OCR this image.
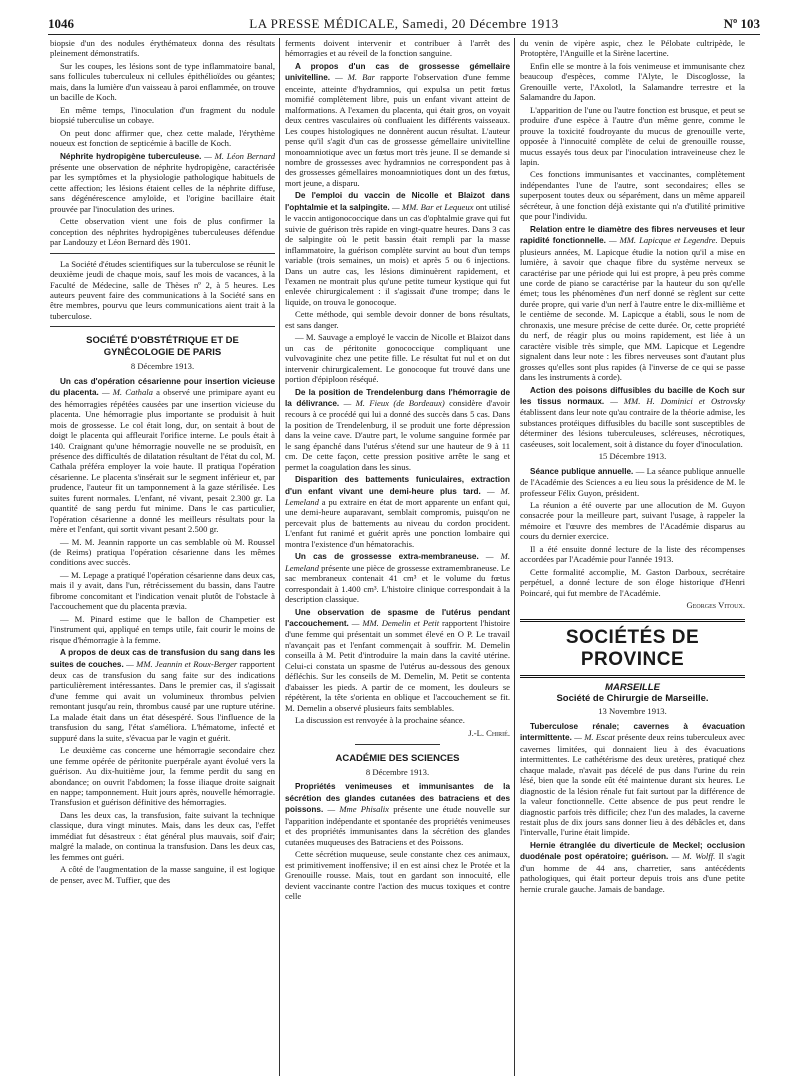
1046	LA PRESSE MÉDICALE, Samedi, 20 Décembre 1913	Nº 103

biopsie d'un des nodules érythémateux donna des résultats pleinement démonstratifs.

Sur les coupes, les lésions sont de type inflammatoire banal, sans follicules tuberculeux ni cellules épithélioïdes ou géantes; mais, dans la lumière d'un vaisseau à paroi enflammée, on trouve un bacille de Koch.

En même temps, l'inoculation d'un fragment du nodule biopsié tuberculise un cobaye.

On peut donc affirmer que, chez cette malade, l'érythème noueux est fonction de septicémie à bacille de Koch.

Néphrite hydropigène tuberculeuse. — M. Léon Bernard présente une observation de néphrite hydropigène, caractérisée par les symptômes et la physiologie pathologique habituels de cette affection; les lésions étaient celles de la néphrite diffuse, sans dégénérescence amyloïde, et l'origine bacillaire était prouvée par l'inoculation des urines.

Cette observation vient une fois de plus confirmer la conception des néphrites hydropigènes tuberculeuses défendue par Landouzy et Léon Bernard dès 1901.

La Société d'études scientifiques sur la tuberculose se réunit le deuxième jeudi de chaque mois, sauf les mois de vacances, à la Faculté de Médecine, salle de Thèses nº 2, à 5 heures. Les auteurs peuvent faire des communications à la Société sans en être membres, pourvu que leurs communications aient trait à la tuberculose.

SOCIÉTÉ D'OBSTÉTRIQUE ET DE GYNÉCOLOGIE DE PARIS
8 Décembre 1913.

Un cas d'opération césarienne pour insertion vicieuse du placenta. — M. Cathala a observé une primipare ayant eu des hémorragies répétées causées par une insertion vicieuse du placenta. Une hémorragie plus importante se produisit à huit mois de grossesse. Le col était long, dur, on sentait à bout de doigt le placenta qui affleurait l'orifice interne. Le pouls était à 140. Craignant qu'une hémorragie nouvelle ne se produisît, en présence des difficultés de dilatation résultant de l'état du col, M. Cathala préféra employer la voie haute. Il pratiqua l'opération césarienne. Le placenta s'insérait sur le segment inférieur et, par prudence, l'auteur fit un tamponnement à la gaze stérilisée. Les suites furent normales. L'enfant, né vivant, pesait 2.300 gr. La quantité de sang perdu fut minime. Dans le cas particulier, l'opération césarienne a donné les meilleurs résultats pour la mère et l'enfant, qui sortit vivant pesant 2.500 gr.

— M. M. Jeannin rapporte un cas semblable où M. Roussel (de Reims) pratiqua l'opération césarienne dans les mêmes conditions avec succès.

— M. Lepage a pratiqué l'opération césarienne dans deux cas, mais il y avait, dans l'un, rétrécissement du bassin, dans l'autre fibrome concomitant et l'indication venait plutôt de l'obstacle à l'accouchement que du placenta prævia.

— M. Pinard estime que le ballon de Champetier est l'instrument qui, appliqué en temps utile, fait courir le moins de risque d'hémorragie à la femme.

A propos de deux cas de transfusion du sang dans les suites de couches. — MM. Jeannin et Roux-Berger rapportent deux cas de transfusion du sang faite sur des indications particulièrement intéressantes. Dans le premier cas, il s'agissait d'une femme qui avait un volumineux thrombus pelvien remontant jusqu'au rein, thrombus causé par une rupture utérine. La malade était dans un état désespéré. Sous l'influence de la transfusion du sang, l'état s'améliora. L'hématome, infecté et suppuré dans la suite, s'évacua par le vagin et guérit.

Le deuxième cas concerne une hémorragie secondaire chez une femme opérée de péritonite puerpérale ayant évolué vers la guérison. Au dix-huitième jour, la femme perdit du sang en abondance; on ouvrit l'abdomen; la fosse iliaque droite saignait en nappe; tamponnement. Huit jours après, nouvelle hémorragie. Transfusion et guérison définitive des hémorragies.

Dans les deux cas, la transfusion, faite suivant la technique classique, dura vingt minutes. Mais, dans les deux cas, l'effet immédiat fut désastreux : état général plus mauvais, soif d'air; malgré la malade, on continua la transfusion. Dans les deux cas, les femmes ont guéri.

A côté de l'augmentation de la masse sanguine, il est logique de penser, avec M. Tuffier, que des

ferments doivent intervenir et contribuer à l'arrêt des hémorragies et au réveil de la fonction sanguine.

A propos d'un cas de grossesse gémellaire univitelline. — M. Bar rapporte l'observation d'une femme enceinte, atteinte d'hydramnios, qui expulsa un petit fœtus momifié complètement libre, puis un enfant vivant atteint de malformations. A l'examen du placenta, qui était gros, on voyait deux centres vasculaires où confluaient les différents vaisseaux. Les coupes histologiques ne donnèrent aucun résultat. L'auteur pense qu'il s'agit d'un cas de grossesse gémellaire univitelline monoamniotique avec un fœtus mort très jeune. Il se demande si nombre de grossesses avec hydramnios ne correspondent pas à des grossesses gémellaires monoamniotiques dont un des fœtus, mort jeune, a disparu.

De l'emploi du vaccin de Nicolle et Blaizot dans l'ophtalmie et la salpingite. — MM. Bar et Lequeux ont utilisé le vaccin antigonococcique dans un cas d'ophtalmie grave qui fut suivie de guérison très rapide en vingt-quatre heures. Dans 3 cas de salpingite où le petit bassin était rempli par la masse inflammatoire, la guérison complète survint au bout d'un temps variable (trois semaines, un mois) et après 5 ou 6 injections. Dans un autre cas, les lésions diminuèrent rapidement, et l'examen ne montrait plus qu'une petite tumeur kystique qui fut enlevée chirurgicalement : il s'agissait d'une trompe; dans le liquide, on trouva le gonocoque.

Cette méthode, qui semble devoir donner de bons résultats, est sans danger.

— M. Sauvage a employé le vaccin de Nicolle et Blaizot dans un cas de péritonite gonococcique compliquant une vulvovaginite chez une petite fille. Le résultat fut nul et on dut intervenir chirurgicalement. Le gonocoque fut trouvé dans une portion d'épiploon réséqué.

De la position de Trendelenburg dans l'hémorragie de la délivrance. — M. Fieux (de Bordeaux) considère d'avoir recours à ce procédé qui lui a donné des succès dans 5 cas. Dans la position de Trendelenburg, il se produit une forte dépression dans la veine cave. D'autre part, le volume sanguine formée par le sang épanché dans l'utérus s'étend sur une hauteur de 9 à 11 cm. De cette façon, cette pression positive arrête le sang et permet la coagulation dans les sinus.

Disparition des battements funiculaires, extraction d'un enfant vivant une demi-heure plus tard. — M. Lemeland a pu extraire en état de mort apparente un enfant qui, une demi-heure auparavant, semblait compromis, puisqu'on ne percevait plus de battements au niveau du cordon procident. L'enfant fut ranimé et guérit après une ponction lombaire qui montra l'existence d'un hématorachis.

Un cas de grossesse extra-membraneuse. — M. Lemeland présente une pièce de grossesse extramembraneuse. Le sac membraneux contenait 41 cm³ et le volume du fœtus correspondait à 1.400 cm³. L'histoire clinique correspondait à la description classique.

Une observation de spasme de l'utérus pendant l'accouchement. — MM. Demelin et Petit rapportent l'histoire d'une femme qui présentait un sommet élevé en O P. Le travail n'avançait pas et l'enfant commençait à souffrir. M. Demelin conseilla à M. Petit d'introduire la main dans la cavité utérine. Celui-ci constata un spasme de l'utérus au-dessous des genoux défléchis. Sur les conseils de M. Demelin, M. Petit se contenta d'abaisser les pieds. A partir de ce moment, les douleurs se répétèrent, la tête s'orienta en oblique et l'accouchement se fit. M. Demelin a observé plusieurs faits semblables.

La discussion est renvoyée à la prochaine séance.

J.-L. Chirié.

ACADÉMIE DES SCIENCES
8 Décembre 1913.

Propriétés venimeuses et immunisantes de la sécrétion des glandes cutanées des batraciens et des poissons. — Mme Phisalix présente une étude nouvelle sur l'apparition indépendante et spontanée des propriétés venimeuses et des propriétés immunisantes dans la sécrétion des glandes cutanées muqueuses des Batraciens et des Poissons.

Cette sécrétion muqueuse, seule constante chez ces animaux, est primitivement inoffensive; il en est ainsi chez le Protée et la Grenouille rousse. Mais, tout en gardant son innocuité, elle devient vaccinante contre l'action des mucus toxiques et contre celle

du venin de vipère aspic, chez le Pélobate cultripède, le Protoptère, l'Anguille et la Sirène lacertine.

Enfin elle se montre à la fois venimeuse et immunisante chez beaucoup d'espèces, comme l'Alyte, le Discoglosse, la Grenouille verte, l'Axolotl, la Salamandre terrestre et la Salamandre du Japon.

L'apparition de l'une ou l'autre fonction est brusque, et peut se produire d'une espèce à l'autre d'un même genre, comme le prouve la toxicité foudroyante du mucus de grenouille verte, opposée à l'innocuité complète de celui de grenouille rousse, mucus essayés tous deux par l'inoculation intraveineuse chez le lapin.

Ces fonctions immunisantes et vaccinantes, complètement indépendantes l'une de l'autre, sont secondaires; elles se superposent toutes deux ou séparément, dans un même appareil sécréteur, à une fonction déjà existante qui n'a d'utilité primitive que pour l'individu.

Relation entre le diamètre des fibres nerveuses et leur rapidité fonctionnelle. — MM. Lapicque et Legendre. Depuis plusieurs années, M. Lapicque étudie la notion qu'il a mise en lumière, à savoir que chaque fibre du système nerveux se caractérise par une période qui lui est propre, à peu près comme une corde de piano se caractérise par la hauteur du son qu'elle émet; tous les phénomènes d'un nerf donné se règlent sur cette durée propre, qui varie d'un nerf à l'autre entre le dix-millième et le centième de seconde. M. Lapicque a établi, sous le nom de chronaxis, une mesure précise de cette durée. Or, cette propriété du nerf, de réagir plus ou moins rapidement, est liée à un caractère visible très simple, que MM. Lapicque et Legendre signalent dans leur note : les fibres nerveuses sont d'autant plus grosses qu'elles sont plus rapides (à l'inverse de ce qui se passe dans les instruments à corde).

Action des poisons diffusibles du bacille de Koch sur les tissus normaux. — MM. H. Dominici et Ostrovsky établissent dans leur note qu'au contraire de la théorie admise, les substances protéiques diffusibles du bacille sont susceptibles de déterminer des lésions tuberculeuses, scléreuses, nécrotiques, caséeuses, soit localement, soit à distance du foyer d'inoculation.

15 Décembre 1913.

Séance publique annuelle. — La séance publique annuelle de l'Académie des Sciences a eu lieu sous la présidence de M. le professeur Félix Guyon, président.

La réunion a été ouverte par une allocution de M. Guyon consacrée pour la meilleure part, suivant l'usage, à rappeler la mémoire et l'œuvre des membres de l'Académie disparus au cours du dernier exercice.

Il a été ensuite donné lecture de la liste des récompenses accordées par l'Académie pour l'année 1913.

Cette formalité accomplie, M. Gaston Darboux, secrétaire perpétuel, a donné lecture de son éloge historique d'Henri Poincaré, qui fut membre de l'Académie.

Georges Vitoux.

SOCIÉTÉS DE PROVINCE
MARSEILLE
Société de Chirurgie de Marseille.
13 Novembre 1913.

Tuberculose rénale; cavernes à évacuation intermittente. — M. Escat présente deux reins tuberculeux avec cavernes limitées, qui donnaient lieu à des évacuations intermittentes. Le cathétérisme des deux uretères, pratiqué chez chaque malade, n'avait pas décelé de pus dans l'urine du rein lésé, bien que la sonde eût été maintenue durant six heures. Le diagnostic de la lésion rénale fut fait surtout par la différence de la valeur fonctionnelle. Cette absence de pus peut rendre le diagnostic parfois très difficile; chez l'un des malades, la caverne restait plus de dix jours sans donner lieu à des débâcles et, dans l'intervalle, l'urine était limpide.

Hernie étranglée du diverticule de Meckel; occlusion duodénale post opératoire; guérison. — M. Wolff. Il s'agit d'un homme de 44 ans, charretier, sans antécédents pathologiques, qui était porteur depuis trois ans d'une petite hernie crurale gauche. Jamais de bandage.
